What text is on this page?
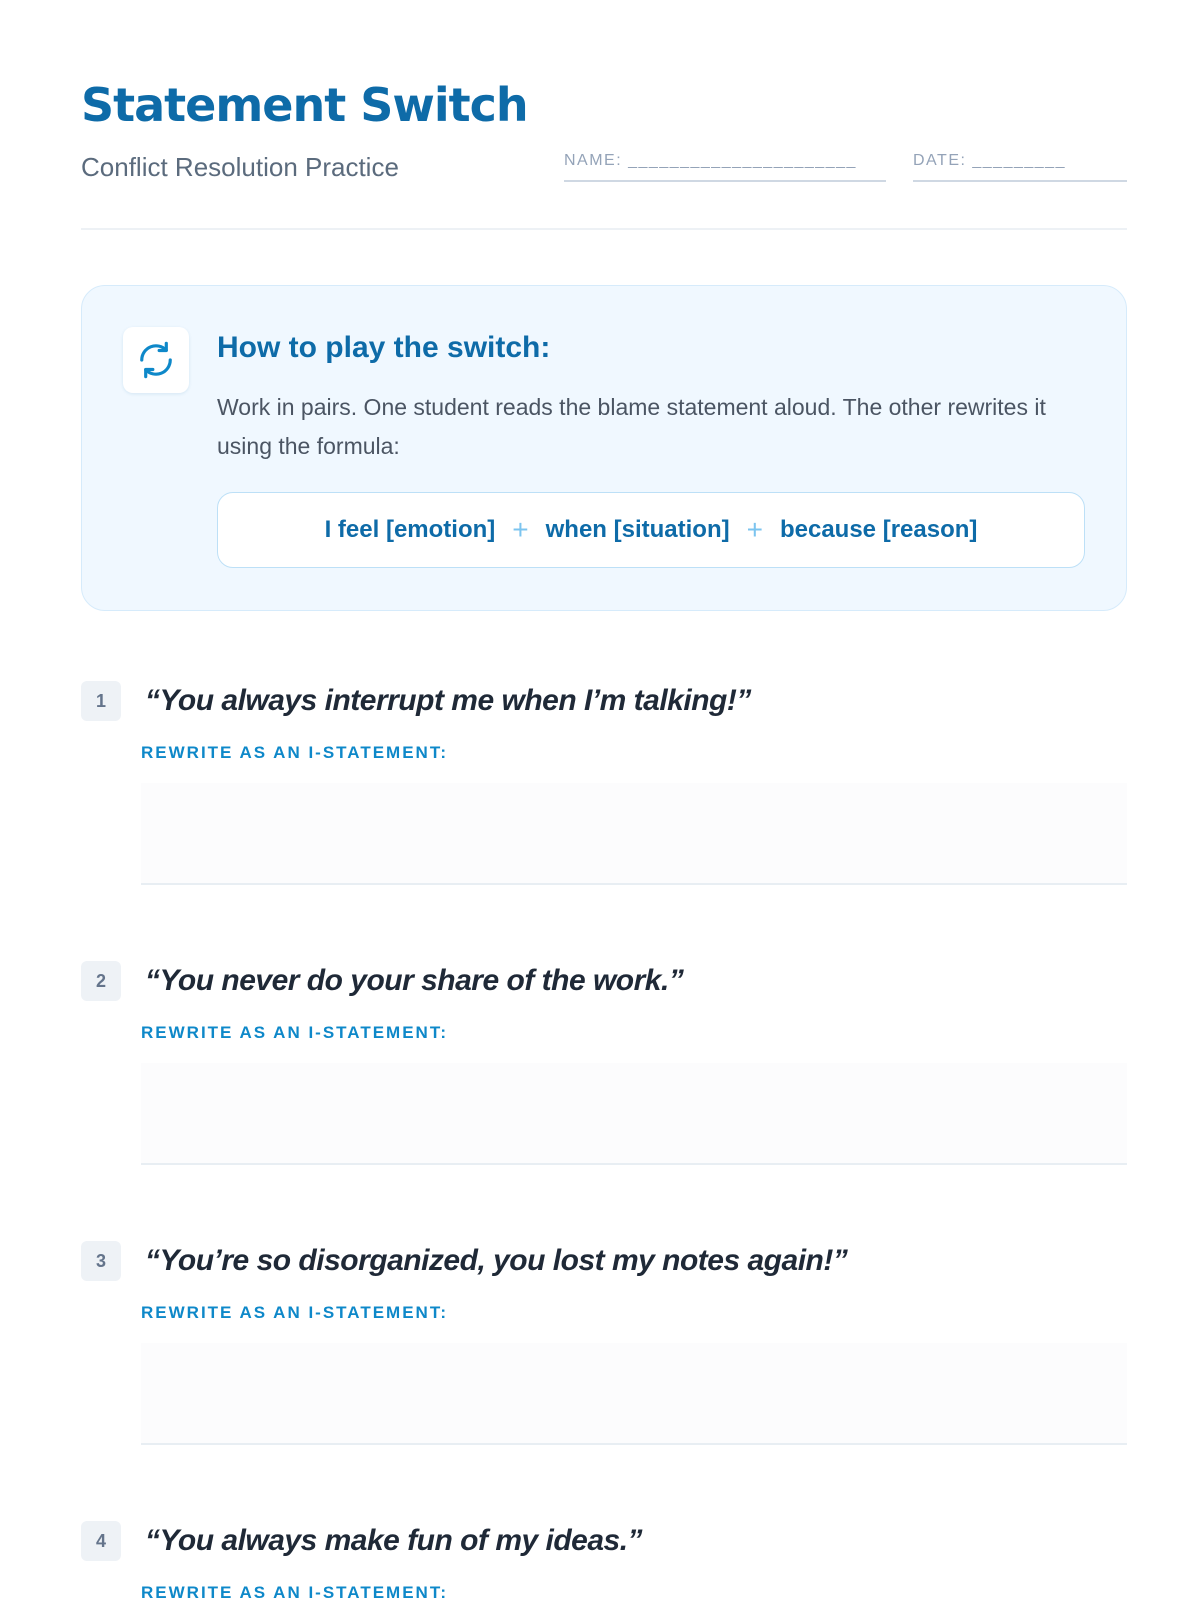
Statement Switch
Conflict Resolution Practice	NAME: ______________________	DATE: _________
How to play the switch:

Work in pairs. One student reads the blame statement aloud. The other rewrites it using the formula:

I feel [emotion] + when [situation] + because [reason]
1	“You always interrupt me when I’m talking!”
REWRITE AS AN I-STATEMENT:
2	“You never do your share of the work.”
REWRITE AS AN I-STATEMENT:
3	“You’re so disorganized, you lost my notes again!”
REWRITE AS AN I-STATEMENT:
4	“You always make fun of my ideas.”
REWRITE AS AN I-STATEMENT:
